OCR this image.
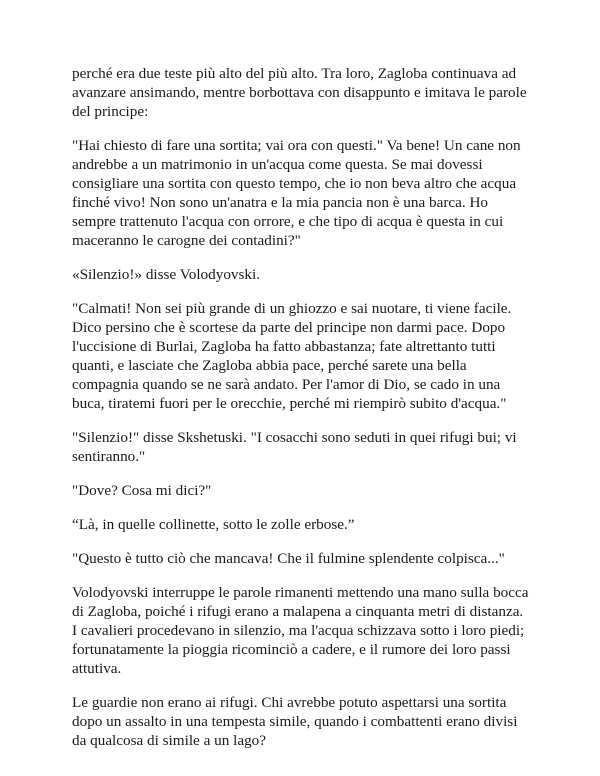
perché era due teste più alto del più alto. Tra loro, Zagloba continuava ad avanzare ansimando, mentre borbottava con disappunto e imitava le parole del principe:

"Hai chiesto di fare una sortita; vai ora con questi." Va bene! Un cane non andrebbe a un matrimonio in un'acqua come questa. Se mai dovessi consigliare una sortita con questo tempo, che io non beva altro che acqua finché vivo! Non sono un'anatra e la mia pancia non è una barca. Ho sempre trattenuto l'acqua con orrore, e che tipo di acqua è questa in cui maceranno le carogne dei contadini?"

«Silenzio!» disse Volodyovski.

"Calmati! Non sei più grande di un ghiozzo e sai nuotare, ti viene facile. Dico persino che è scortese da parte del principe non darmi pace. Dopo l'uccisione di Burlai, Zagloba ha fatto abbastanza; fate altrettanto tutti quanti, e lasciate che Zagloba abbia pace, perché sarete una bella compagnia quando se ne sarà andato. Per l'amor di Dio, se cado in una buca, tiratemi fuori per le orecchie, perché mi riempirò subito d'acqua."

"Silenzio!" disse Skshetuski. "I cosacchi sono seduti in quei rifugi bui; vi sentiranno."

"Dove? Cosa mi dici?"

“Là, in quelle collinette, sotto le zolle erbose.”

"Questo è tutto ciò che mancava! Che il fulmine splendente colpisca..."

Volodyovski interruppe le parole rimanenti mettendo una mano sulla bocca di Zagloba, poiché i rifugi erano a malapena a cinquanta metri di distanza. I cavalieri procedevano in silenzio, ma l'acqua schizzava sotto i loro piedi; fortunatamente la pioggia ricominciò a cadere, e il rumore dei loro passi attutiva.

Le guardie non erano ai rifugi. Chi avrebbe potuto aspettarsi una sortita dopo un assalto in una tempesta simile, quando i combattenti erano divisi da qualcosa di simile a un lago?
